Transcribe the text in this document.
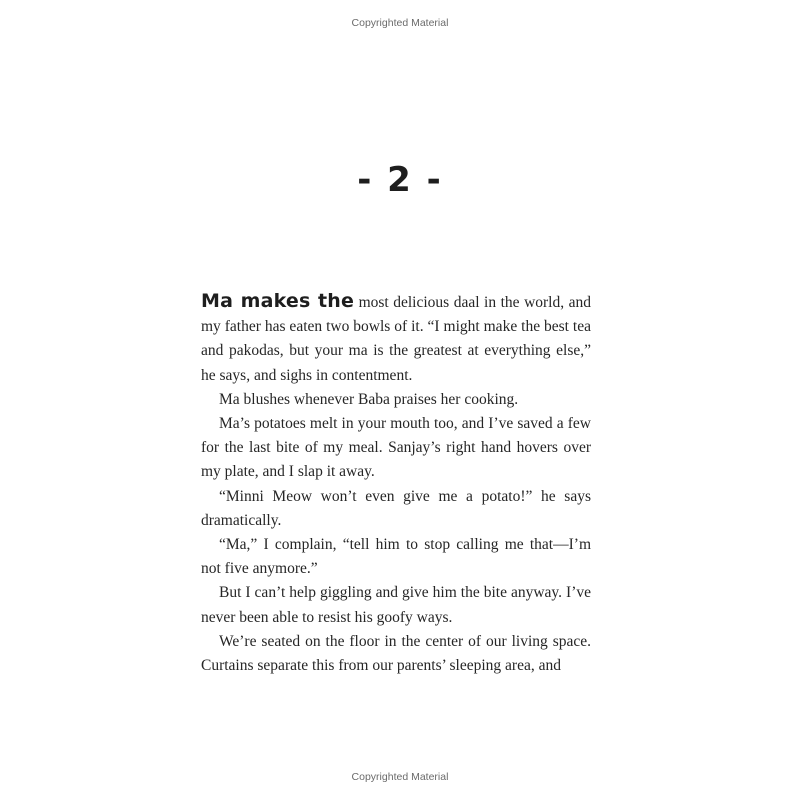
Copyrighted Material
- 2 -

Ma makes the most delicious daal in the world, and my father has eaten two bowls of it. “I might make the best tea and pakodas, but your ma is the greatest at everything else,” he says, and sighs in contentment.

Ma blushes whenever Baba praises her cooking.

Ma’s potatoes melt in your mouth too, and I’ve saved a few for the last bite of my meal. Sanjay’s right hand hovers over my plate, and I slap it away.

“Minni Meow won’t even give me a potato!” he says dramatically.

“Ma,” I complain, “tell him to stop calling me that—I’m not five anymore.”

But I can’t help giggling and give him the bite anyway. I’ve never been able to resist his goofy ways.

We’re seated on the floor in the center of our living space. Curtains separate this from our parents’ sleeping area, and

Copyrighted Material
